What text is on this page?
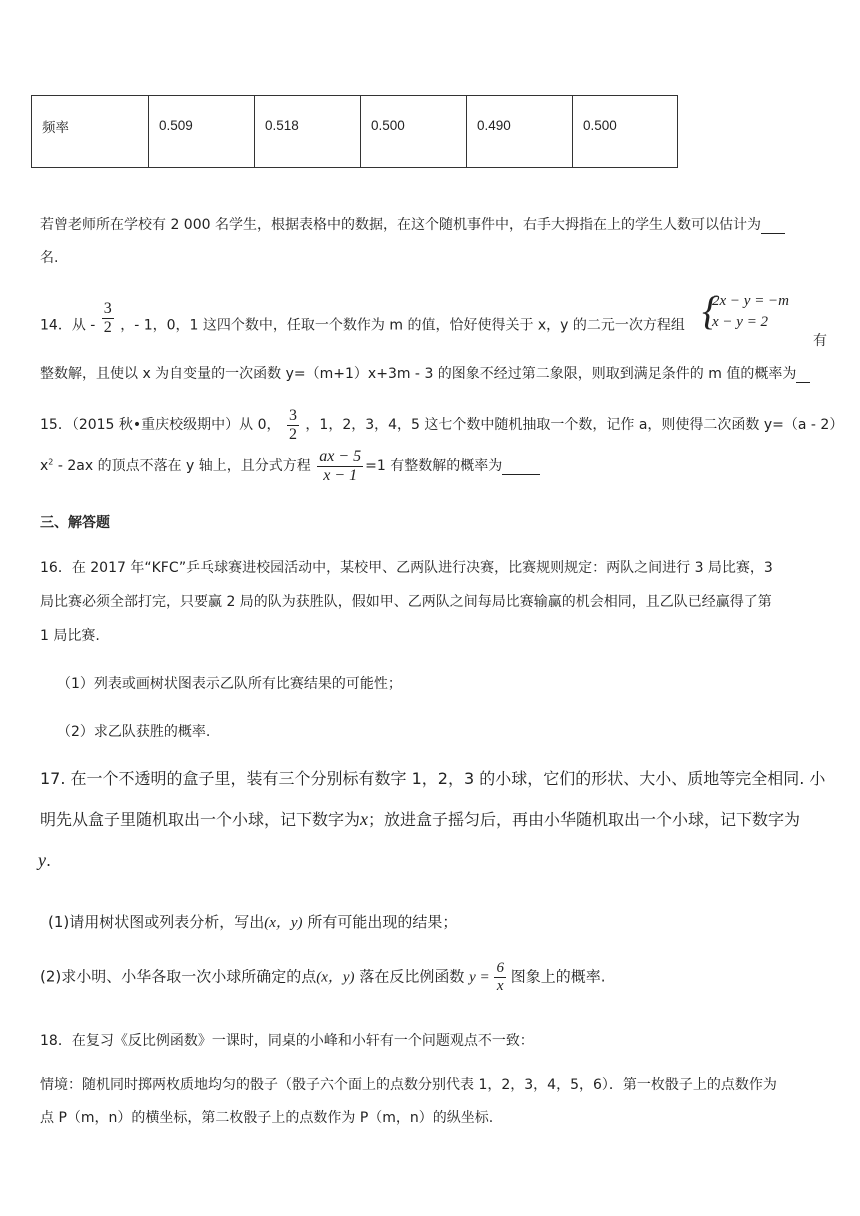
频率	0.509	0.518	0.500	0.490	0.500
若曾老师所在学校有 2 000 名学生，根据表格中的数据，在这个随机事件中，右手大拇指在上的学生人数可以估计为
名.
14．从 - $\frac{3}{2}$ ，- 1，0，1 这四个数中，任取一个数作为 m 的值，恰好使得关于 x，y 的二元一次方程组 {
2x − y = −m
x − y = 2
有
整数解，且使以 x 为自变量的一次函数 y=（m+1）x+3m - 3 的图象不经过第二象限，则取到满足条件的 m 值的概率为
15．（2015 秋•重庆校级期中）从 0， $\frac{3}{2}$ ，1，2，3，4，5 这七个数中随机抽取一个数，记作 a，则使得二次函数 y=（a - 2）
$x^2 - 2ax$ 的顶点不落在 y 轴上，且分式方程 $\frac{ax - 5}{x - 1} =1$ 有整数解的概率为
三、解答题
16．在 2017 年“KFC”乒乓球赛进校园活动中，某校甲、乙两队进行决赛，比赛规则规定：两队之间进行 3 局比赛，3
局比赛必须全部打完，只要赢 2 局的队为获胜队，假如甲、乙两队之间每局比赛输赢的机会相同，且乙队已经赢得了第
1 局比赛.
（1）列表或画树状图表示乙队所有比赛结果的可能性；
（2）求乙队获胜的概率.
17. 在一个不透明的盒子里，装有三个分别标有数字 1，2，3 的小球，它们的形状、大小、质地等完全相同. 小
明先从盒子里随机取出一个小球，记下数字为x；放进盒子摇匀后，再由小华随机取出一个小球，记下数字为
y.
(1)请用树状图或列表分析，写出(x，y) 所有可能出现的结果；
(2)求小明、小华各取一次小球所确定的点(x，y) 落在反比例函数 $y = \frac{6}{x}$ 图象上的概率.
18．在复习《反比例函数》一课时，同桌的小峰和小轩有一个问题观点不一致：
情境：随机同时掷两枚质地均匀的骰子（骰子六个面上的点数分别代表 1，2，3，4，5，6）．第一枚骰子上的点数作为
点 P（m，n）的横坐标，第二枚骰子上的点数作为 P（m，n）的纵坐标.
